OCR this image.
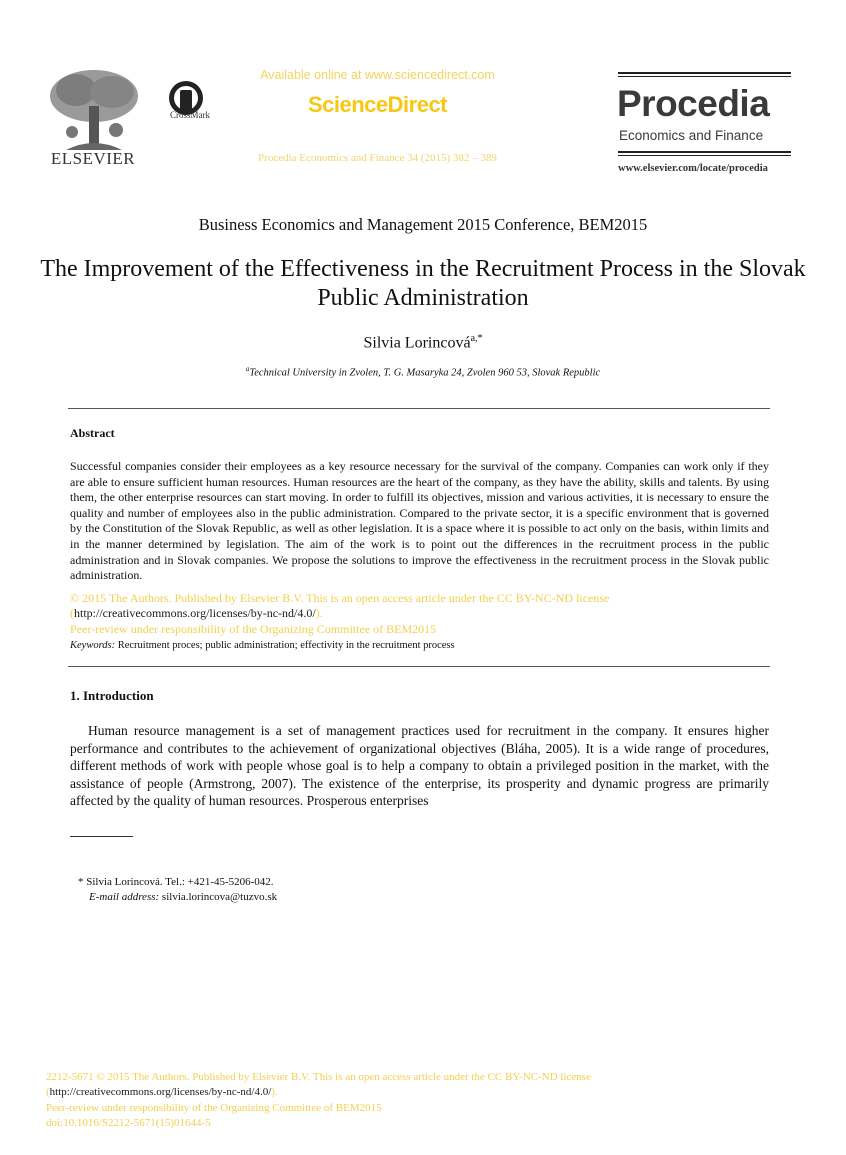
ELSEVIER
CrossMark
Available online at www.sciencedirect.com
ScienceDirect
Procedia Economics and Finance 34 (2015) 382 – 389
Procedia
Economics and Finance
www.elsevier.com/locate/procedia
Business Economics and Management 2015 Conference, BEM2015
The Improvement of the Effectiveness in the Recruitment Process in the Slovak Public Administration
Silvia Lorincová$^{a,*}$
$^a$Technical University in Zvolen, T. G. Masaryka 24, Zvolen 960 53, Slovak Republic
Abstract
Successful companies consider their employees as a key resource necessary for the survival of the company. Companies can work only if they are able to ensure sufficient human resources. Human resources are the heart of the company, as they have the ability, skills and talents. By using them, the other enterprise resources can start moving. In order to fulfill its objectives, mission and various activities, it is necessary to ensure the quality and number of employees also in the public administration. Compared to the private sector, it is a specific environment that is governed by the Constitution of the Slovak Republic, as well as other legislation. It is a space where it is possible to act only on the basis, within limits and in the manner determined by legislation. The aim of the work is to point out the differences in the recruitment process in the public administration and in Slovak companies. We propose the solutions to improve the effectiveness in the recruitment process in the Slovak public administration.
© 2015 The Authors. Published by Elsevier B.V. This is an open access article under the CC BY-NC-ND license
(http://creativecommons.org/licenses/by-nc-nd/4.0/).
Peer-review under responsibility of the Organizing Committee of BEM2015
Keywords: Recruitment proces; public administration; effectivity in the recruitment process
1. Introduction
Human resource management is a set of management practices used for recruitment in the company. It ensures higher performance and contributes to the achievement of organizational objectives (Bláha, 2005). It is a wide range of procedures, different methods of work with people whose goal is to help a company to obtain a privileged position in the market, with the assistance of people (Armstrong, 2007). The existence of the enterprise, its prosperity and dynamic progress are primarily affected by the quality of human resources. Prosperous enterprises
* Silvia Lorincová. Tel.: +421-45-5206-042.
E-mail address: silvia.lorincova@tuzvo.sk
2212-5671 © 2015 The Authors. Published by Elsevier B.V. This is an open access article under the CC BY-NC-ND license
(http://creativecommons.org/licenses/by-nc-nd/4.0/).
Peer-review under responsibility of the Organizing Committee of BEM2015
doi:10.1016/S2212-5671(15)01644-5
